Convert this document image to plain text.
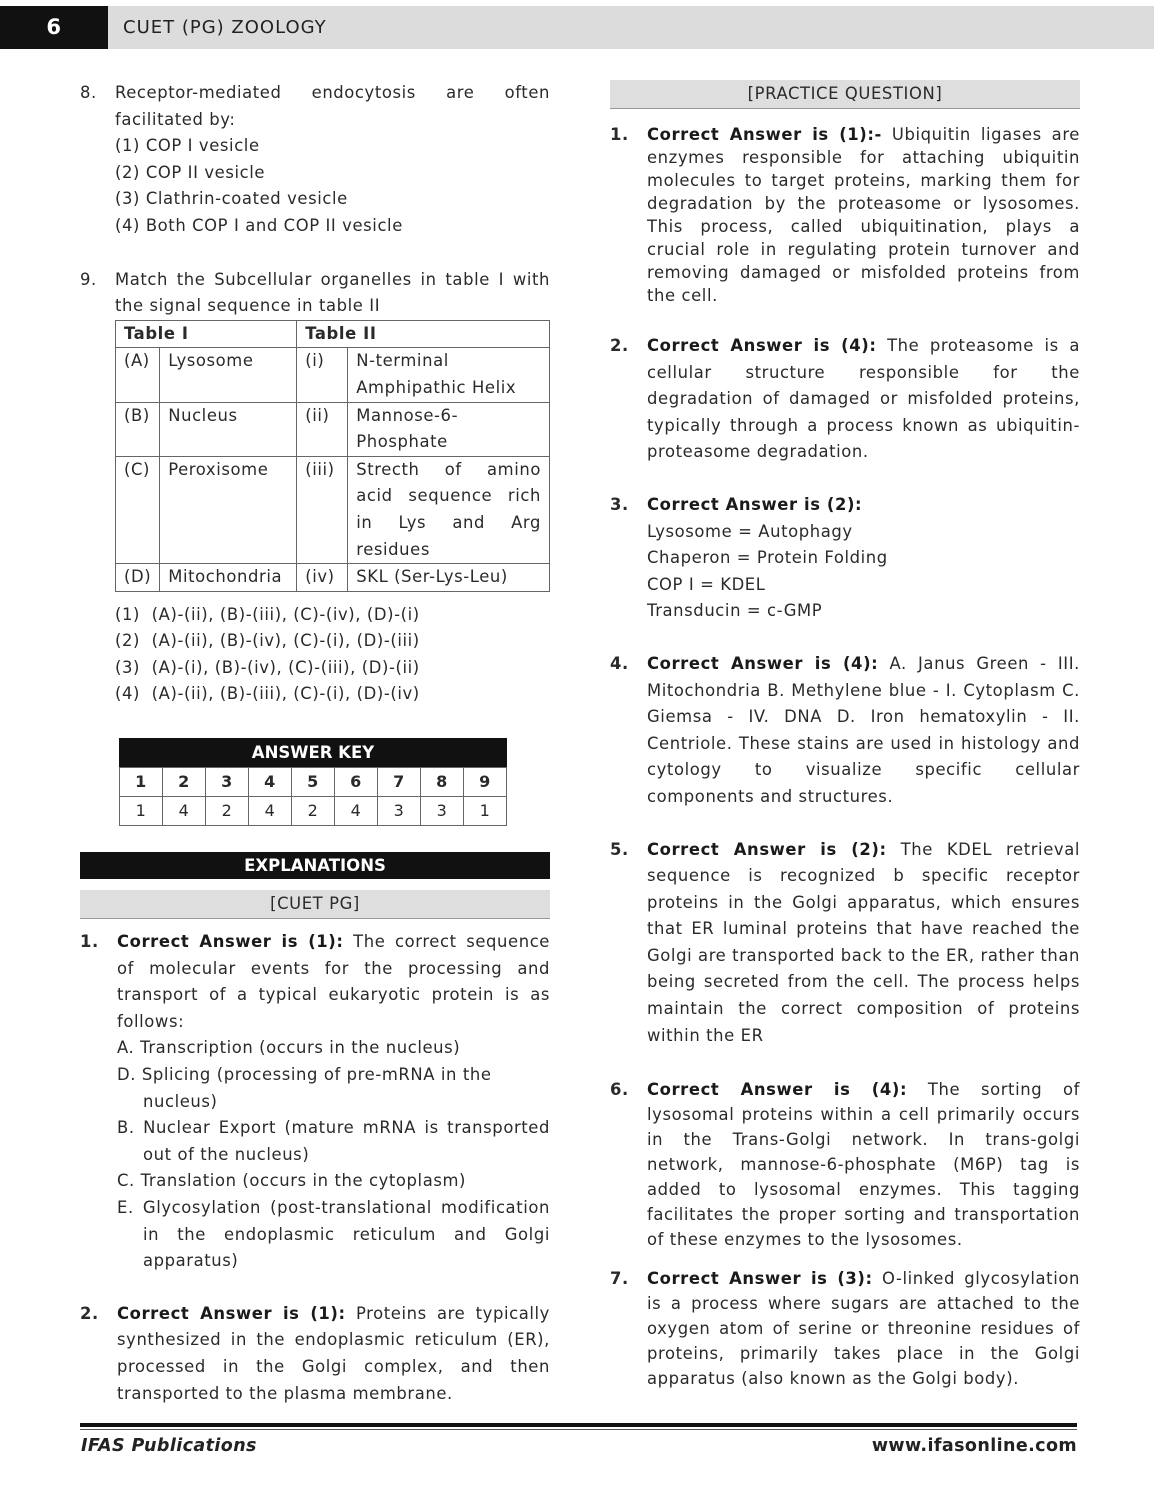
6	CUET (PG) ZOOLOGY
8. Receptor-mediated endocytosis are often facilitated by:
(1) COP I vesicle
(2) COP II vesicle
(3) Clathrin-coated vesicle
(4) Both COP I and COP II vesicle
9. Match the Subcellular organelles in table I with the signal sequence in table II
Table I		Table II	
(A)	Lysosome	(i)	N-terminal Amphipathic Helix
(B)	Nucleus	(ii)	Mannose-6-Phosphate
(C)	Peroxisome	(iii)	Strecth of amino acid sequence rich in Lys and Arg residues
(D)	Mitochondria	(iv)	SKL (Ser-Lys-Leu)
(1) (A)-(ii), (B)-(iii), (C)-(iv), (D)-(i)
(2) (A)-(ii), (B)-(iv), (C)-(i), (D)-(iii)
(3) (A)-(i), (B)-(iv), (C)-(iii), (D)-(ii)
(4) (A)-(ii), (B)-(iii), (C)-(i), (D)-(iv)
ANSWER KEY
1	2	3	4	5	6	7	8	9
1	4	2	4	2	4	3	3	1
EXPLANATIONS
[CUET PG]
1. Correct Answer is (1): The correct sequence of molecular events for the processing and transport of a typical eukaryotic protein is as follows:
A. Transcription (occurs in the nucleus)
D. Splicing (processing of pre-mRNA in the nucleus)
B. Nuclear Export (mature mRNA is transported out of the nucleus)
C. Translation (occurs in the cytoplasm)
E. Glycosylation (post-translational modification in the endoplasmic reticulum and Golgi apparatus)
2. Correct Answer is (1): Proteins are typically synthesized in the endoplasmic reticulum (ER), processed in the Golgi complex, and then transported to the plasma membrane.
[PRACTICE QUESTION]
1. Correct Answer is (1):- Ubiquitin ligases are enzymes responsible for attaching ubiquitin molecules to target proteins, marking them for degradation by the proteasome or lysosomes. This process, called ubiquitination, plays a crucial role in regulating protein turnover and removing damaged or misfolded proteins from the cell.
2. Correct Answer is (4): The proteasome is a cellular structure responsible for the degradation of damaged or misfolded proteins, typically through a process known as ubiquitin-proteasome degradation.
3. Correct Answer is (2):
Lysosome = Autophagy
Chaperon = Protein Folding
COP I = KDEL
Transducin = c-GMP
4. Correct Answer is (4): A. Janus Green - III. Mitochondria B. Methylene blue - I. Cytoplasm C. Giemsa - IV. DNA D. Iron hematoxylin - II. Centriole. These stains are used in histology and cytology to visualize specific cellular components and structures.
5. Correct Answer is (2): The KDEL retrieval sequence is recognized b specific receptor proteins in the Golgi apparatus, which ensures that ER luminal proteins that have reached the Golgi are transported back to the ER, rather than being secreted from the cell. The process helps maintain the correct composition of proteins within the ER
6. Correct Answer is (4): The sorting of lysosomal proteins within a cell primarily occurs in the Trans-Golgi network. In trans-golgi network, mannose-6-phosphate (M6P) tag is added to lysosomal enzymes. This tagging facilitates the proper sorting and transportation of these enzymes to the lysosomes.
7. Correct Answer is (3): O-linked glycosylation is a process where sugars are attached to the oxygen atom of serine or threonine residues of proteins, primarily takes place in the Golgi apparatus (also known as the Golgi body).
IFAS Publications	www.ifasonline.com
